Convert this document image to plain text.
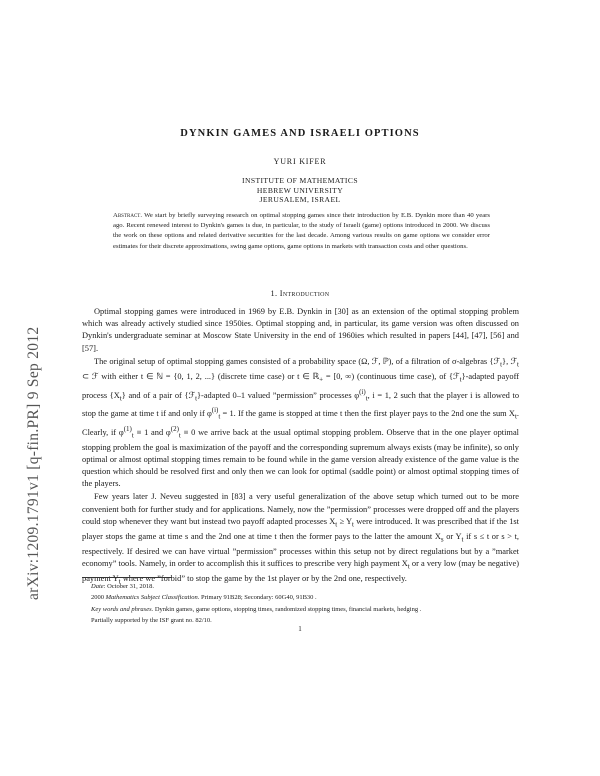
arXiv:1209.1791v1 [q-fin.PR] 9 Sep 2012
DYNKIN GAMES AND ISRAELI OPTIONS
YURI KIFER
INSTITUTE OF MATHEMATICS
HEBREW UNIVERSITY
JERUSALEM, ISRAEL
Abstract. We start by briefly surveying research on optimal stopping games since their introduction by E.B. Dynkin more than 40 years ago. Recent renewed interest to Dynkin's games is due, in particular, to the study of Israeli (game) options introduced in 2000. We discuss the work on these options and related derivative securities for the last decade. Among various results on game options we consider error estimates for their discrete approximations, swing game options, game options in markets with transaction costs and other questions.
1. Introduction

Optimal stopping games were introduced in 1969 by E.B. Dynkin in [30] as an extension of the optimal stopping problem which was already actively studied since 1950ies. Optimal stopping and, in particular, its game version was often discussed on Dynkin's undergraduate seminar at Moscow State University in the end of 1960ies which resulted in papers [44], [47], [56] and [57].

The original setup of optimal stopping games consisted of a probability space (Ω, ℱ, ℙ), of a filtration of σ-algebras {ℱ$_t$}, ℱ$_t$ ⊂ ℱ with either t ∈ ℕ = {0, 1, 2, ...} (discrete time case) or t ∈ ℝ$_+$ = [0, ∞) (continuous time case), of {ℱ$_t$}-adapted payoff process $\{X_t\}$ and of a pair of {ℱ$_t$}-adapted 0–1 valued ”permission” processes $\varphi^{(i)}_t$, i = 1, 2 such that the player i is allowed to stop the game at time t if and only if $\varphi^{(i)}_t = 1$. If the game is stopped at time t then the first player pays to the 2nd one the sum $X_t$. Clearly, if $\varphi^{(1)}_t \equiv 1$ and $\varphi^{(2)}_t \equiv 0$ we arrive back at the usual optimal stopping problem. Observe that in the one player optimal stopping problem the goal is maximization of the payoff and the corresponding supremum always exists (may be infinite), so only optimal or almost optimal stopping times remain to be found while in the game version already existence of the game value is the question which should be resolved first and only then we can look for optimal (saddle point) or almost optimal stopping times of the players.

Few years later J. Neveu suggested in [83] a very useful generalization of the above setup which turned out to be more convenient both for further study and for applications. Namely, now the ”permission” processes were dropped off and the players could stop whenever they want but instead two payoff adapted processes $X_t \ge Y_t$ were introduced. It was prescribed that if the 1st player stops the game at time s and the 2nd one at time t then the former pays to the latter the amount $X_s$ or $Y_t$ if s ≤ t or s > t, respectively. If desired we can have virtual ”permission” processes within this setup not by direct regulations but by a ”market economy” tools. Namely, in order to accomplish this it suffices to prescribe very high payment $X_t$ or a very low (may be negative) payment $Y_t$ where we ”forbid” to stop the game by the 1st player or by the 2nd one, respectively.

Date: October 31, 2018.

2000 Mathematics Subject Classification. Primary 91B28; Secondary: 60G40, 91B30 .

Key words and phrases. Dynkin games, game options, stopping times, randomized stopping times, financial markets, hedging .

Partially supported by the ISF grant no. 82/10.

1
